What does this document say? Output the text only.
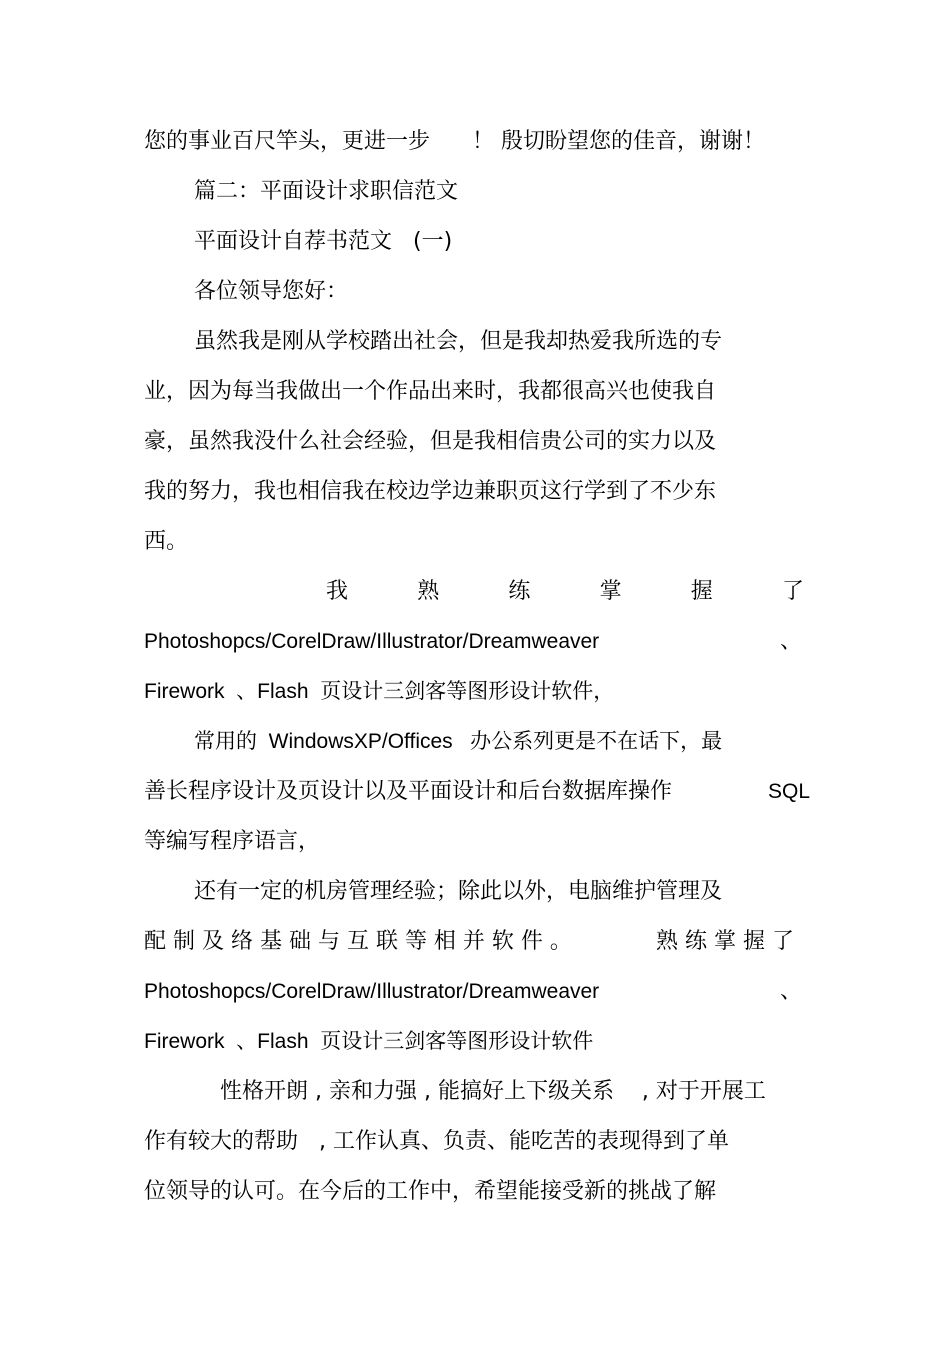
您的事业百尺竿头，更进一步      ！ 殷切盼望您的佳音，谢谢！
篇二：平面设计求职信范文
平面设计自荐书范文   (一)
各位领导您好：
虽然我是刚从学校踏出社会，但是我却热爱我所选的专
业，因为每当我做出一个作品出来时，我都很高兴也使我自
豪，虽然我没什么社会经验，但是我相信贵公司的实力以及
我的努力，我也相信我在校边学边兼职页这行学到了不少东
西。
我	熟	练	掌	握	了
Photoshopcs/CorelDraw/Illustrator/Dreamweaver	、
Firework  、Flash  页设计三剑客等图形设计软件，
常用的  WindowsXP/Offices   办公系列更是不在话下，最
善长程序设计及页设计以及平面设计和后台数据库操作	SQL
等编写程序语言，
还有一定的机房管理经验；除此以外，电脑维护管理及
配 制 及 络 基 础 与 互 联 等 相 并 软 件 。	熟 练 掌 握 了
Photoshopcs/CorelDraw/Illustrator/Dreamweaver	、
Firework  、Flash  页设计三剑客等图形设计软件
性格开朗 , 亲和力强 , 能搞好上下级关系    , 对于开展工
作有较大的帮助   , 工作认真、负责、能吃苦的表现得到了单
位领导的认可。在今后的工作中，希望能接受新的挑战了解
